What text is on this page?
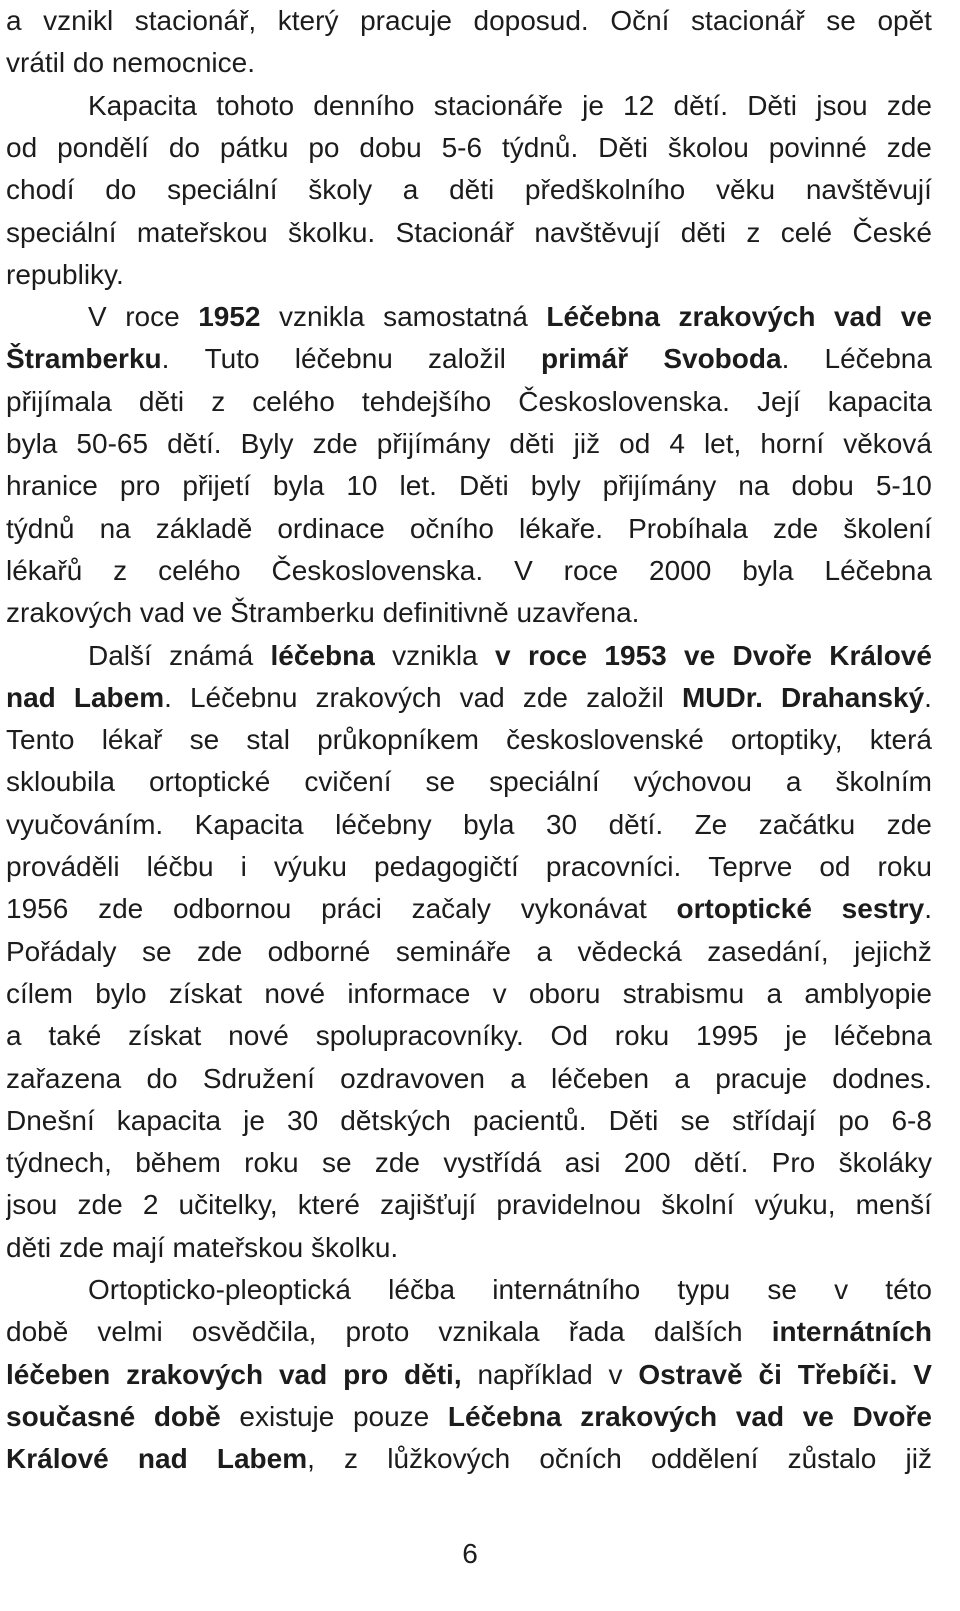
a vznikl stacionář, který pracuje doposud. Oční stacionář se opět
vrátil do nemocnice.
Kapacita tohoto denního stacionáře je 12 dětí. Děti jsou zde
od pondělí do pátku po dobu 5-6 týdnů. Děti školou povinné zde
chodí do speciální školy a děti předškolního věku navštěvují
speciální mateřskou školku. Stacionář navštěvují děti z celé České
republiky.
V roce 1952 vznikla samostatná Léčebna zrakových vad ve
Štramberku. Tuto léčebnu založil primář Svoboda. Léčebna
přijímala děti z celého tehdejšího Československa. Její kapacita
byla 50-65 dětí. Byly zde přijímány děti již od 4 let, horní věková
hranice pro přijetí byla 10 let. Děti byly přijímány na dobu 5-10
týdnů na základě ordinace očního lékaře. Probíhala zde školení
lékařů z celého Československa. V roce 2000 byla Léčebna
zrakových vad ve Štramberku definitivně uzavřena.
Další známá léčebna vznikla v roce 1953 ve Dvoře Králové
nad Labem. Léčebnu zrakových vad zde založil MUDr. Drahanský.
Tento lékař se stal průkopníkem československé ortoptiky, která
skloubila ortoptické cvičení se speciální výchovou a školním
vyučováním. Kapacita léčebny byla 30 dětí. Ze začátku zde
prováděli léčbu i výuku pedagogičtí pracovníci. Teprve od roku
1956 zde odbornou práci začaly vykonávat ortoptické sestry.
Pořádaly se zde odborné semináře a vědecká zasedání, jejichž
cílem bylo získat nové informace v oboru strabismu a amblyopie
a také získat nové spolupracovníky. Od roku 1995 je léčebna
zařazena do Sdružení ozdravoven a léčeben a pracuje dodnes.
Dnešní kapacita je 30 dětských pacientů. Děti se střídají po 6-8
týdnech, během roku se zde vystřídá asi 200 dětí. Pro školáky
jsou zde 2 učitelky, které zajišťují pravidelnou školní výuku, menší
děti zde mají mateřskou školku.
Ortopticko-pleoptická léčba internátního typu se v této
době velmi osvědčila, proto vznikala řada dalších internátních
léčeben zrakových vad pro děti, například v Ostravě či Třebíči. V
současné době existuje pouze Léčebna zrakových vad ve Dvoře
Králové nad Labem, z lůžkových očních oddělení zůstalo již
6
